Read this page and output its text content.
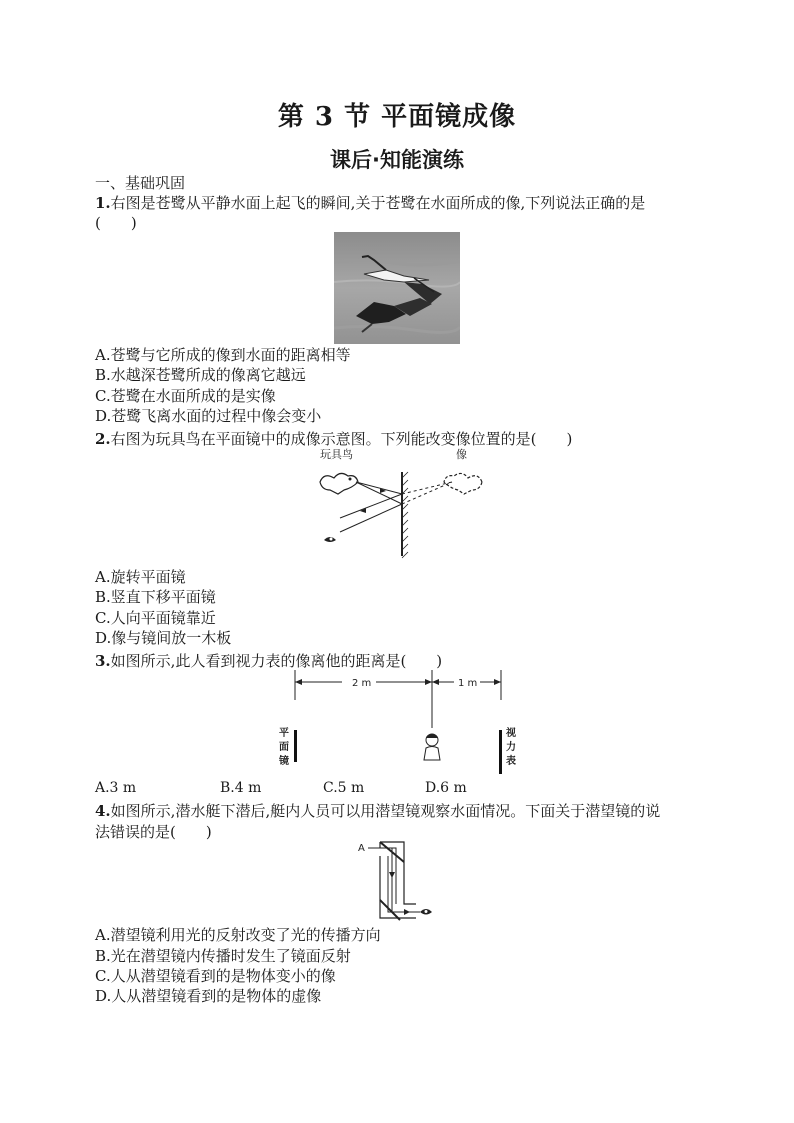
第 3 节 平面镜成像
课后·知能演练
一、基础巩固
1.右图是苍鹭从平静水面上起飞的瞬间,关于苍鹭在水面所成的像,下列说法正确的是
(　　)
A.苍鹭与它所成的像到水面的距离相等
B.水越深苍鹭所成的像离它越远
C.苍鹭在水面所成的是实像
D.苍鹭飞离水面的过程中像会变小
2.右图为玩具鸟在平面镜中的成像示意图。下列能改变像位置的是(　　)
玩具鸟	像
A.旋转平面镜
B.竖直下移平面镜
C.人向平面镜靠近
D.像与镜间放一木板
3.如图所示,此人看到视力表的像离他的距离是(　　)
2 m	1 m
平
面
镜
视
力
表
A.3 m	B.4 m	C.5 m	D.6 m
4.如图所示,潜水艇下潜后,艇内人员可以用潜望镜观察水面情况。下面关于潜望镜的说
法错误的是(　　)
A
A.潜望镜利用光的反射改变了光的传播方向
B.光在潜望镜内传播时发生了镜面反射
C.人从潜望镜看到的是物体变小的像
D.人从潜望镜看到的是物体的虚像
